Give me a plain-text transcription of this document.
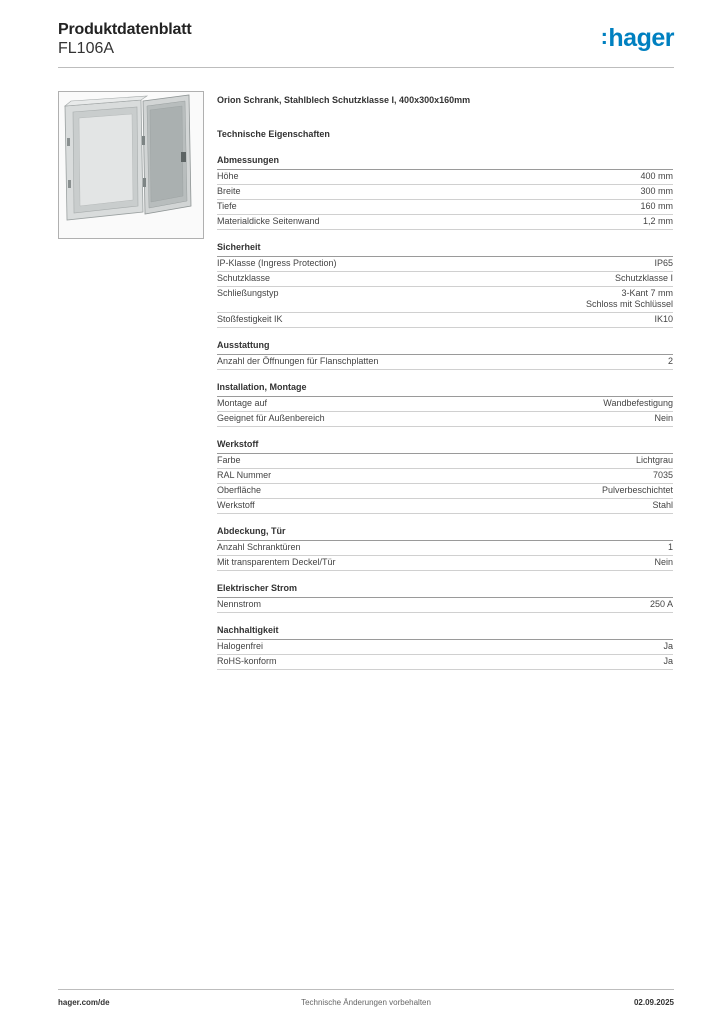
Produktdatenblatt
FL106A	:hager
Orion Schrank, Stahlblech Schutzklasse I, 400x300x160mm
Technische Eigenschaften
Abmessungen
Höhe	400 mm
Breite	300 mm
Tiefe	160 mm
Materialdicke Seitenwand	1,2 mm
Sicherheit
IP-Klasse (Ingress Protection)	IP65
Schutzklasse	Schutzklasse I
Schließungstyp	3-Kant 7 mm
Schloss mit Schlüssel
Stoßfestigkeit IK	IK10
Ausstattung
Anzahl der Öffnungen für Flanschplatten	2
Installation, Montage
Montage auf	Wandbefestigung
Geeignet für Außenbereich	Nein
Werkstoff
Farbe	Lichtgrau
RAL Nummer	7035
Oberfläche	Pulverbeschichtet
Werkstoff	Stahl
Abdeckung, Tür
Anzahl Schranktüren	1
Mit transparentem Deckel/Tür	Nein
Elektrischer Strom
Nennstrom	250 A
Nachhaltigkeit
Halogenfrei	Ja
RoHS-konform	Ja
Technische Änderungen vorbehalten
hager.com/de	02.09.2025
